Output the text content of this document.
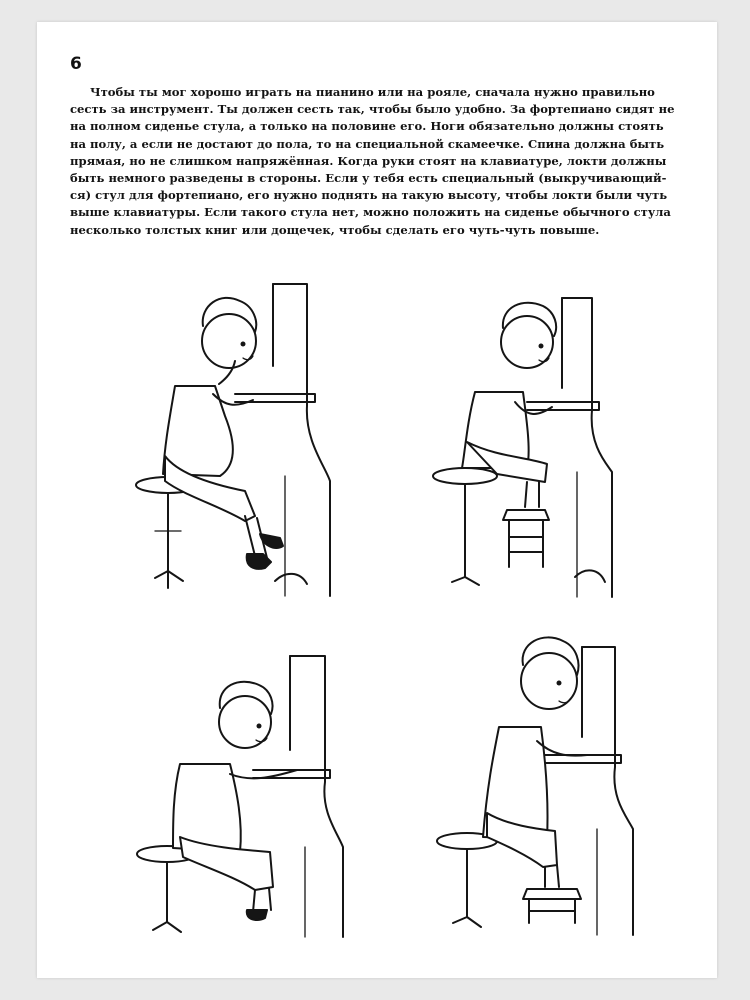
6

Чтобы ты мог хорошо играть на пианино или на рояле, сначала нужно правильно
сесть за инструмент. Ты должен сесть так, чтобы было удобно. За фортепиано сидят не
на полном сиденье стула, а только на половине его. Ноги обязательно должны стоять
на полу, а если не достают до пола, то на специальной скамеечке. Спина должна быть
прямая, но не слишком напряжённая. Когда руки стоят на клавиатуре, локти должны
быть немного разведены в стороны. Если у тебя есть специальный (выкручивающий-
ся) стул для фортепиано, его нужно поднять на такую высоту, чтобы локти были чуть
выше клавиатуры. Если такого стула нет, можно положить на сиденье обычного стула
несколько толстых книг или дощечек, чтобы сделать его чуть-чуть повыше.
